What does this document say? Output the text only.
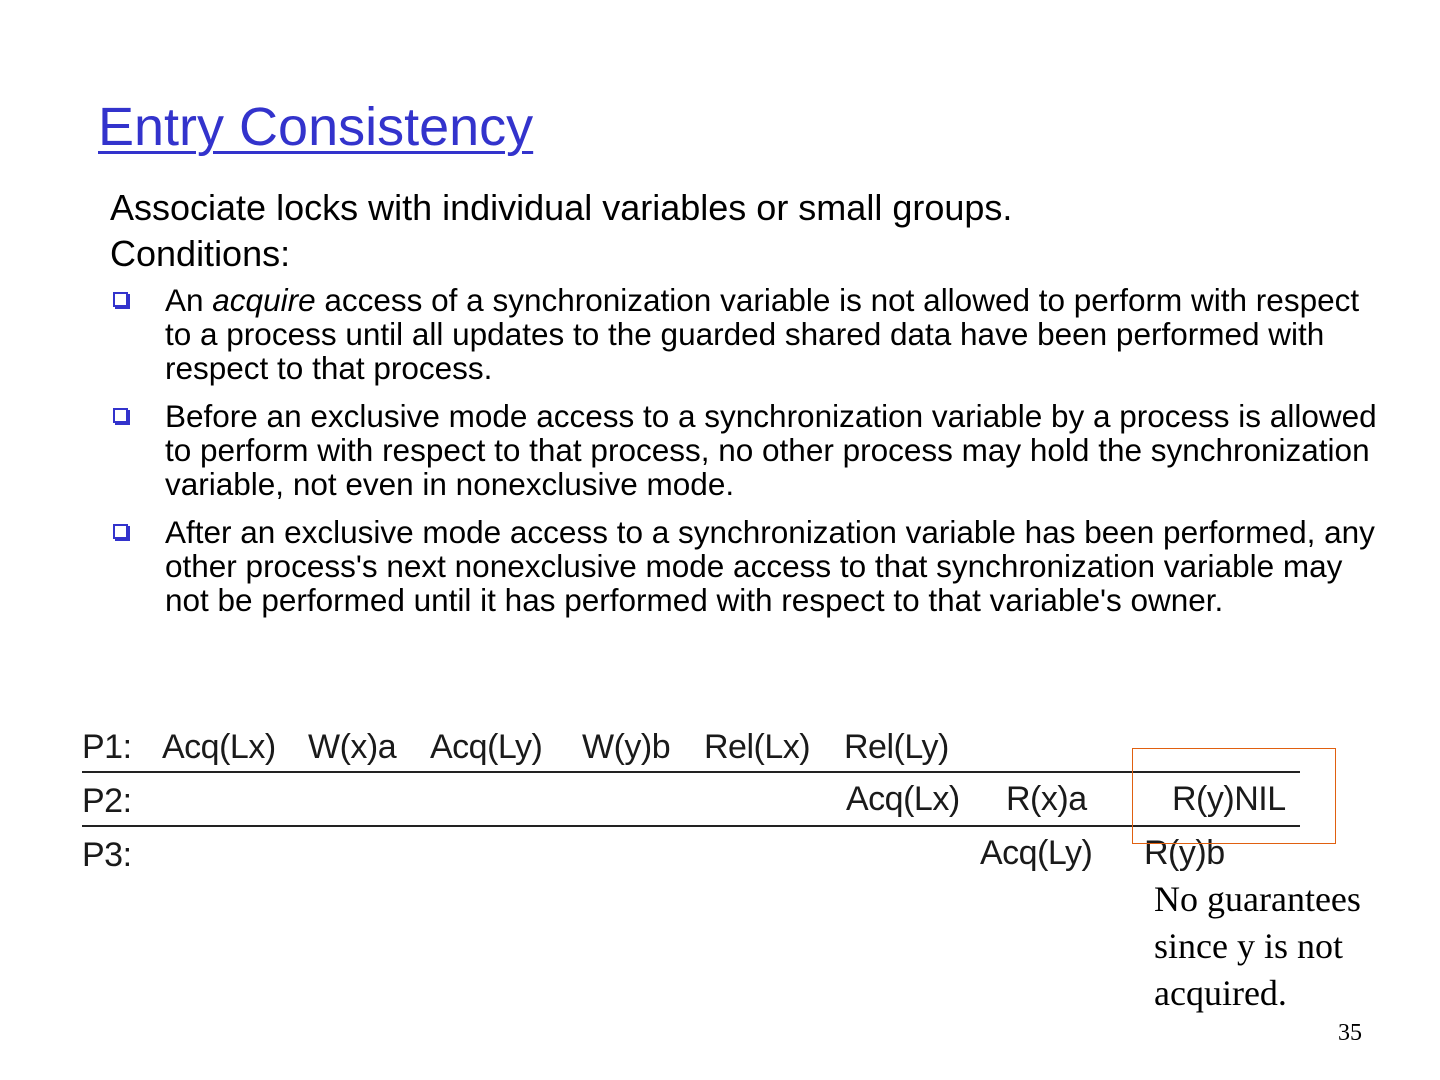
Entry Consistency
Associate locks with individual variables or small groups.
Conditions:
An acquire access of a synchronization variable is not allowed to perform with respect to a process until all updates to the guarded shared data have been performed with respect to that process.
Before an exclusive mode access to a synchronization variable by a process is allowed to perform with respect to that process, no other process may hold the synchronization variable, not even in nonexclusive mode.
After an exclusive mode access to a synchronization variable has been performed, any other process's next nonexclusive mode access to that synchronization variable may not be performed until it has performed with respect to that variable's owner.
P1: Acq(Lx) W(x)a Acq(Ly) W(y)b Rel(Lx) Rel(Ly)
P2:	Acq(Lx) R(x)a	R(y)NIL
P3:	Acq(Ly) R(y)b
No guarantees
since y is not
acquired.
35
